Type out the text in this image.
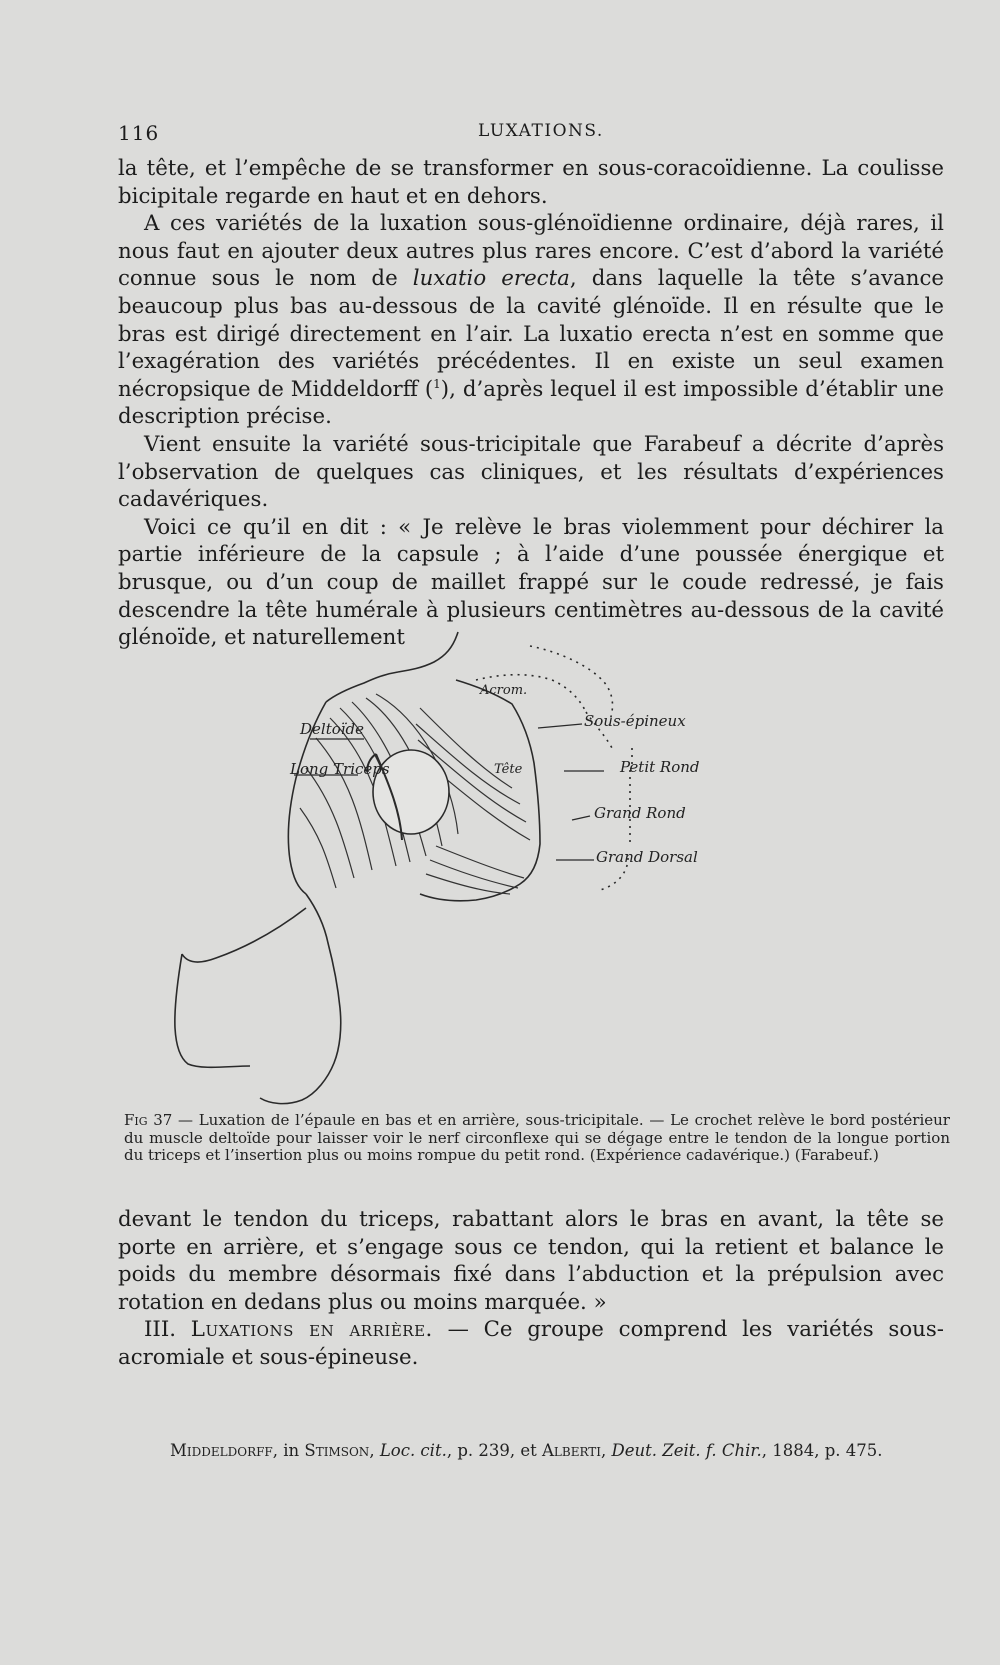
116	LUXATIONS.

la tête, et l’empêche de se transformer en sous-coracoïdienne. La coulisse bicipitale regarde en haut et en dehors.

A ces variétés de la luxation sous-glénoïdienne ordinaire, déjà rares, il nous faut en ajouter deux autres plus rares encore. C’est d’abord la variété connue sous le nom de luxatio erecta, dans laquelle la tête s’avance beaucoup plus bas au-dessous de la cavité glénoïde. Il en résulte que le bras est dirigé directement en l’air. La luxatio erecta n’est en somme que l’exagération des variétés précédentes. Il en existe un seul examen nécropsique de Middeldorff ($^1$), d’après lequel il est impossible d’établir une description précise.

Vient ensuite la variété sous-tricipitale que Farabeuf a décrite d’après l’observation de quelques cas cliniques, et les résultats d’expériences cadavériques.

Voici ce qu’il en dit : « Je relève le bras violemment pour déchirer la partie inférieure de la capsule ; à l’aide d’une poussée énergique et brusque, ou d’un coup de maillet frappé sur le coude redressé, je fais descendre la tête humérale à plusieurs centimètres au-dessous de la cavité glénoïde, et naturellement

Acrom.
Deltoïde
Long Triceps	Tête
Sous-épineux
Petit Rond
Grand Rond
Grand Dorsal

Fig 37 — Luxation de l’épaule en bas et en arrière, sous-tricipitale. — Le crochet relève le bord postérieur du muscle deltoïde pour laisser voir le nerf circonflexe qui se dégage entre le tendon de la longue portion du triceps et l’insertion plus ou moins rompue du petit rond. (Expérience cadavérique.) (Farabeuf.)

devant le tendon du triceps, rabattant alors le bras en avant, la tête se porte en arrière, et s’engage sous ce tendon, qui la retient et balance le poids du membre désormais fixé dans l’abduction et la prépulsion avec rotation en dedans plus ou moins marquée. »

III. Luxations en arrière. — Ce groupe comprend les variétés sous-acromiale et sous-épineuse.

Middeldorff, in Stimson, Loc. cit., p. 239, et Alberti, Deut. Zeit. f. Chir., 1884, p. 475.
